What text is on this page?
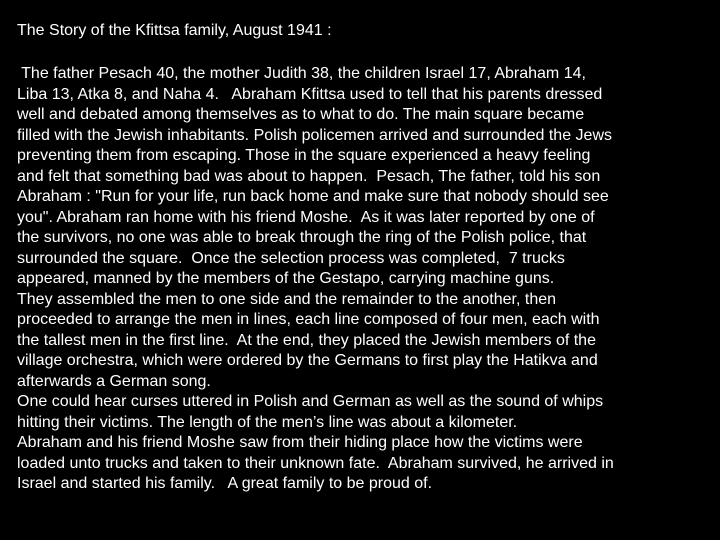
The Story of the Kfittsa family, August 1941 :
The father Pesach 40, the mother Judith 38, the children Israel 17, Abraham 14,
Liba 13, Atka 8, and Naha 4.   Abraham Kfittsa used to tell that his parents dressed
well and debated among themselves as to what to do. The main square became
filled with the Jewish inhabitants. Polish policemen arrived and surrounded the Jews
preventing them from escaping. Those in the square experienced a heavy feeling
and felt that something bad was about to happen.  Pesach, The father, told his son
Abraham : "Run for your life, run back home and make sure that nobody should see
you". Abraham ran home with his friend Moshe.  As it was later reported by one of
the survivors, no one was able to break through the ring of the Polish police, that
surrounded the square.  Once the selection process was completed,  7 trucks
appeared, manned by the members of the Gestapo, carrying machine guns.
They assembled the men to one side and the remainder to the another, then
proceeded to arrange the men in lines, each line composed of four men, each with
the tallest men in the first line.  At the end, they placed the Jewish members of the
village orchestra, which were ordered by the Germans to first play the Hatikva and
afterwards a German song.
One could hear curses uttered in Polish and German as well as the sound of whips
hitting their victims. The length of the men’s line was about a kilometer.
Abraham and his friend Moshe saw from their hiding place how the victims were
loaded unto trucks and taken to their unknown fate.  Abraham survived, he arrived in
Israel and started his family.   A great family to be proud of.
